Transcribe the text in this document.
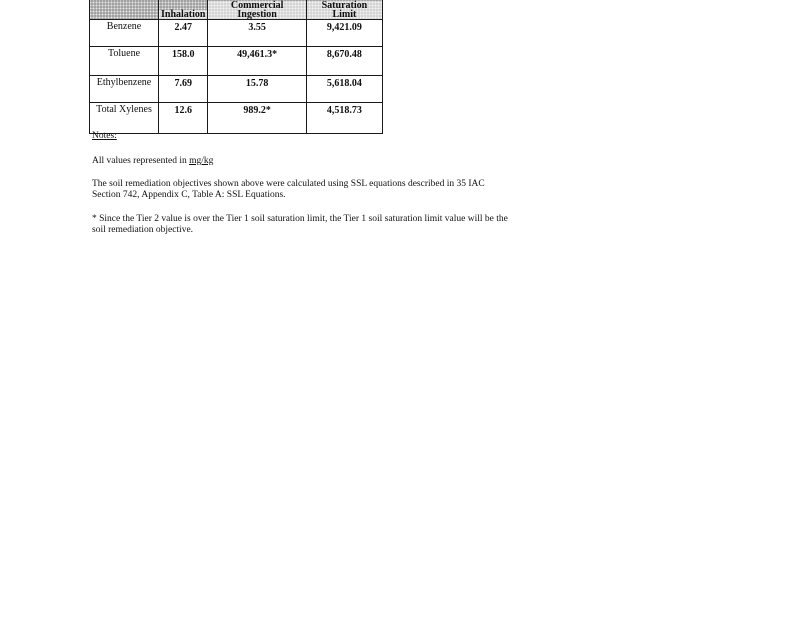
	Inhalation	Commercial Ingestion	Saturation Limit
Benzene	2.47	3.55	9,421.09
Toluene	158.0	49,461.3*	8,670.48
Ethylbenzene	7.69	15.78	5,618.04
Total Xylenes	12.6	989.2*	4,518.73

Notes:

All values represented in mg/kg

The soil remediation objectives shown above were calculated using SSL equations described in 35 IAC Section 742, Appendix C, Table A: SSL Equations.

* Since the Tier 2 value is over the Tier 1 soil saturation limit, the Tier 1 soil saturation limit value will be the soil remediation objective.
